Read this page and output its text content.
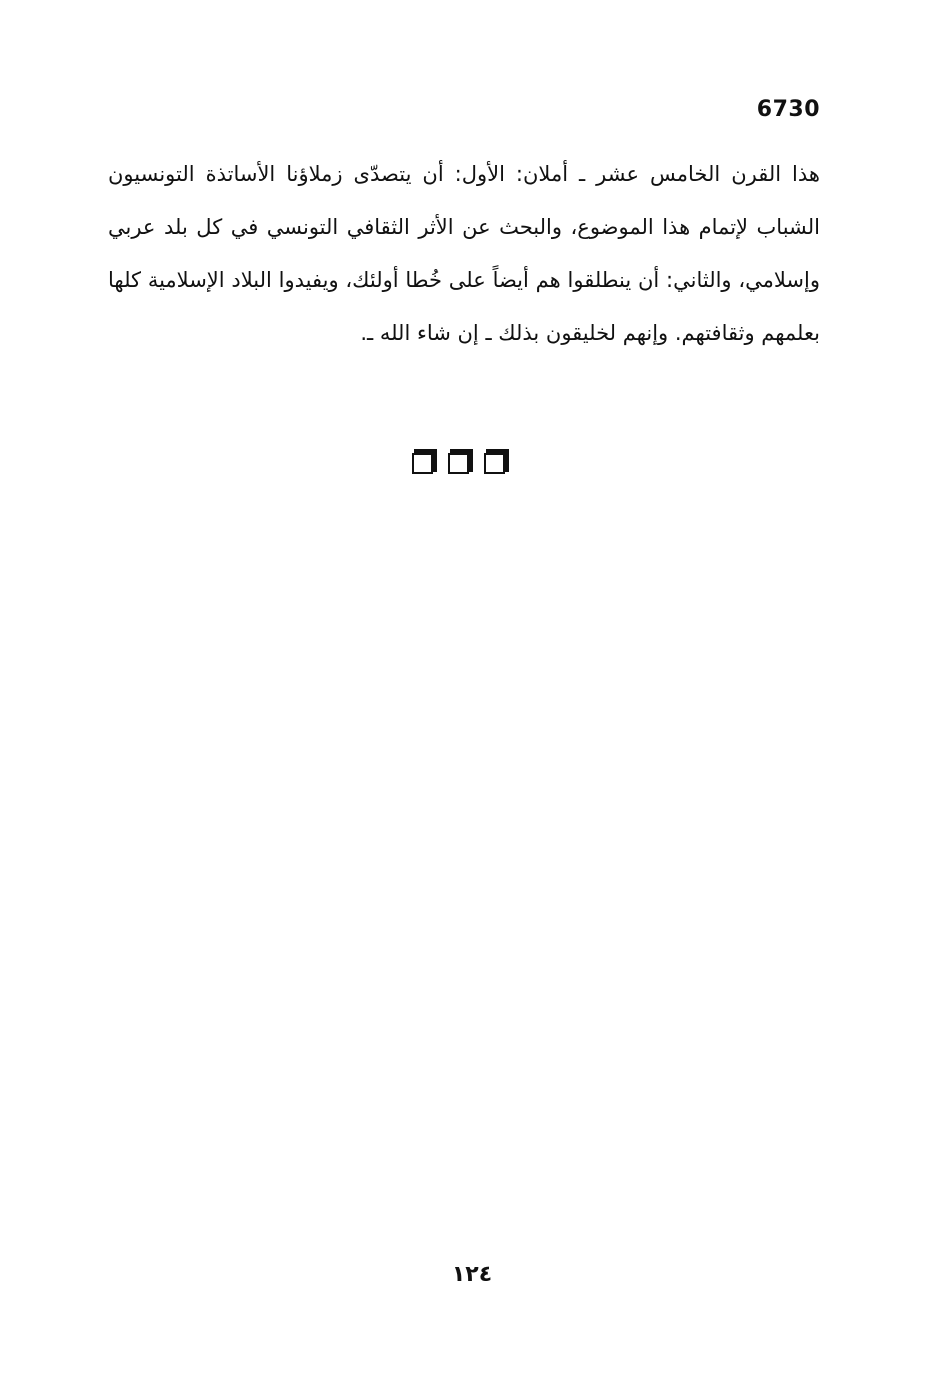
6730

هذا القرن الخامس عشر ـ أملان: الأول: أن يتصدّى زملاؤنا الأساتذة التونسيون الشباب لإتمام هذا الموضوع، والبحث عن الأثر الثقافي التونسي في كل بلد عربي وإسلامي، والثاني: أن ينطلقوا هم أيضاً على خُطا أولئك، ويفيدوا البلاد الإسلامية كلها بعلمهم وثقافتهم. وإنهم لخليقون بذلك ـ إن شاء الله ـ.

١٢٤
